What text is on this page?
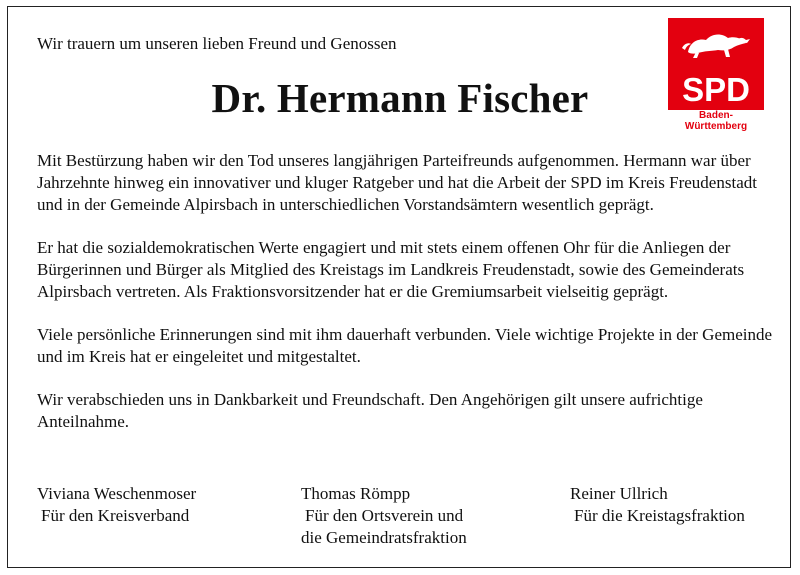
Wir trauern um unseren lieben Freund und Genossen
Dr. Hermann Fischer	SPD
Baden-Württemberg

Mit Bestürzung haben wir den Tod unseres langjährigen Parteifreunds aufgenommen. Hermann war über Jahrzehnte hinweg ein innovativer und kluger Ratgeber und hat die Arbeit der SPD im Kreis Freudenstadt und in der Gemeinde Alpirsbach in unterschiedlichen Vorstandsämtern wesentlich geprägt.

Er hat die sozialdemokratischen Werte engagiert und mit stets einem offenen Ohr für die Anliegen der Bürgerinnen und Bürger als Mitglied des Kreistags im Landkreis Freudenstadt, sowie des Gemeinderats Alpirsbach vertreten. Als Fraktionsvorsitzender hat er die Gremiumsarbeit vielseitig geprägt.

Viele persönliche Erinnerungen sind mit ihm dauerhaft verbunden. Viele wichtige Projekte in der Gemeinde und im Kreis hat er eingeleitet und mitgestaltet.

Wir verabschieden uns in Dankbarkeit und Freundschaft. Den Angehörigen gilt unsere aufrichtige Anteilnahme.

Viviana Weschenmoser
Für den Kreisverband
Thomas Römpp
Für den Ortsverein und
die Gemeindratsfraktion
Reiner Ullrich
Für die Kreistagsfraktion
